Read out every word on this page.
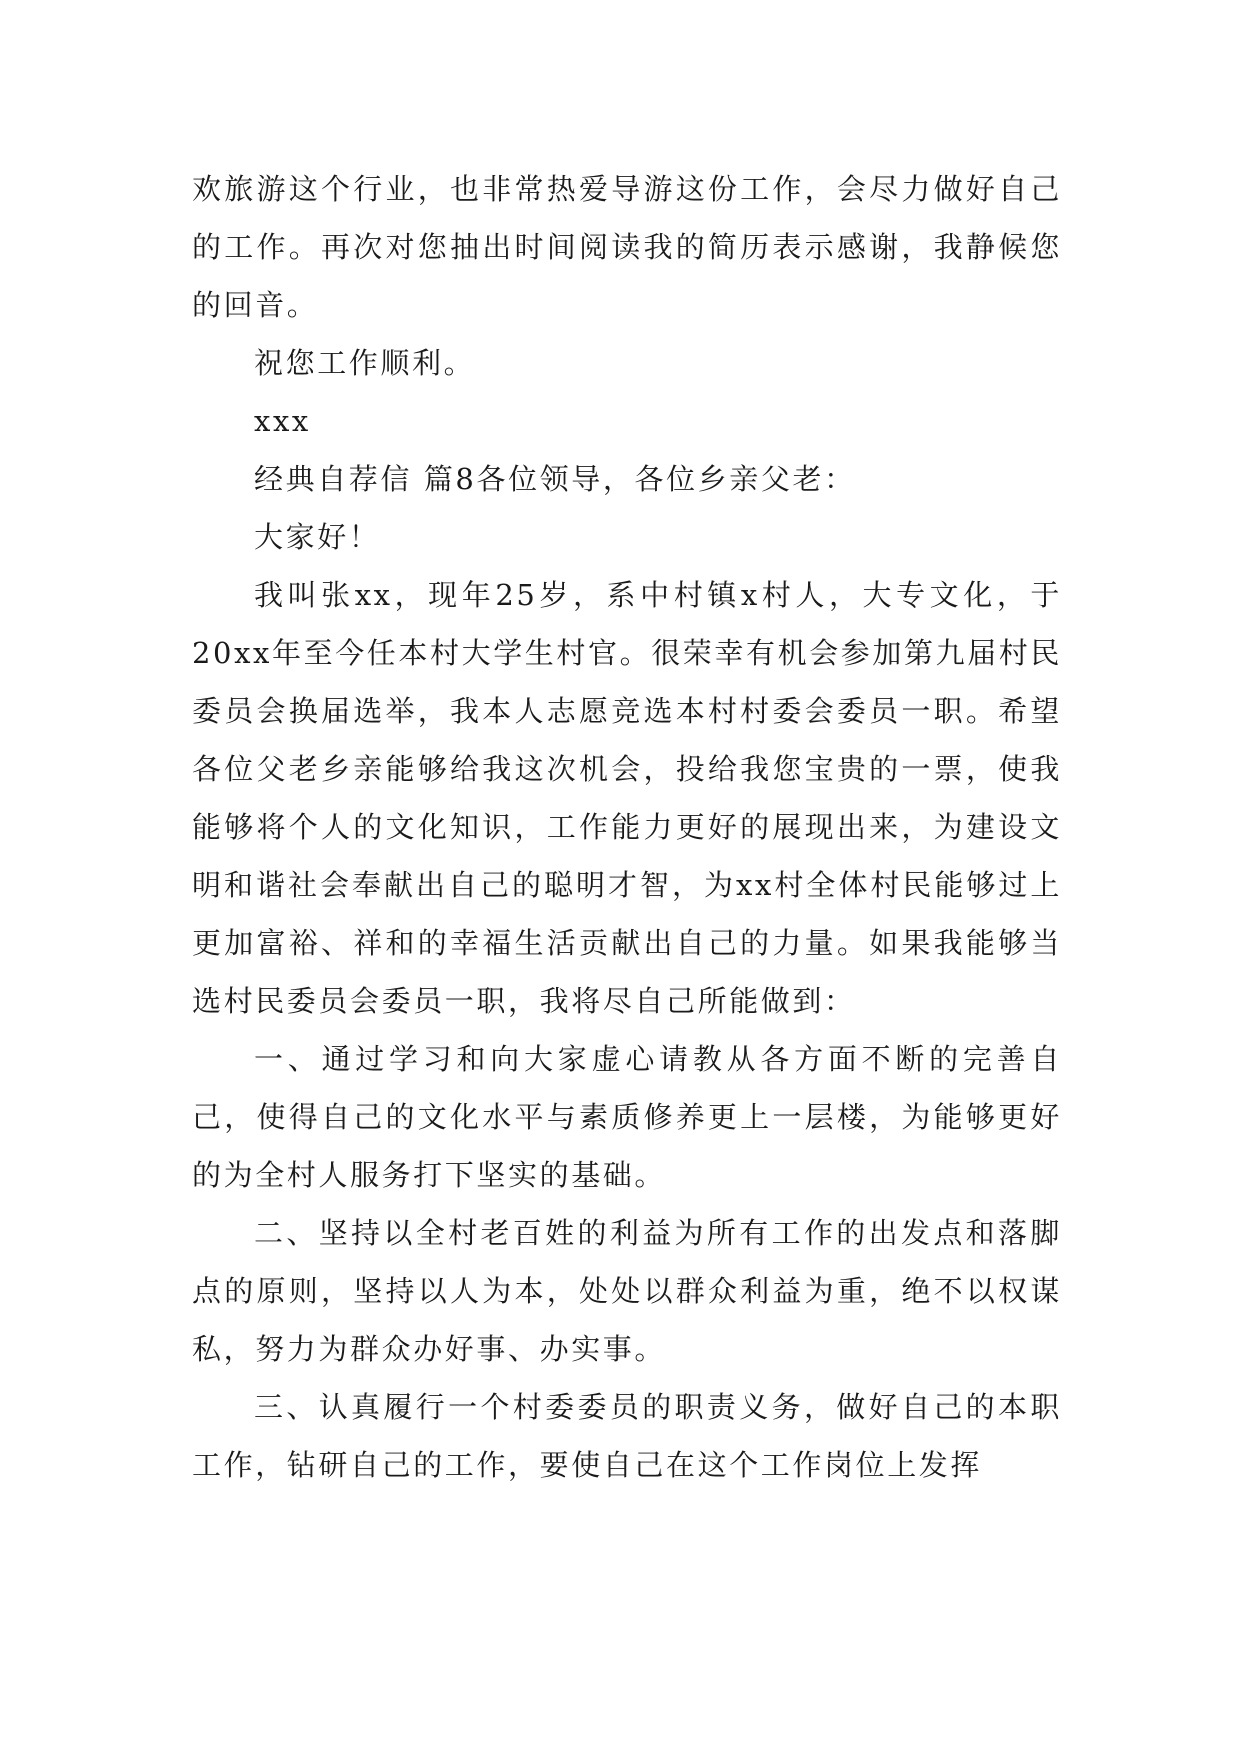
欢旅游这个行业，也非常热爱导游这份工作，会尽力做好自己的工作。再次对您抽出时间阅读我的简历表示感谢，我静候您的回音。

祝您工作顺利。

xxx

经典自荐信 篇8各位领导，各位乡亲父老：

大家好！

我叫张xx，现年25岁，系中村镇x村人，大专文化，于20xx年至今任本村大学生村官。很荣幸有机会参加第九届村民委员会换届选举，我本人志愿竞选本村村委会委员一职。希望各位父老乡亲能够给我这次机会，投给我您宝贵的一票，使我能够将个人的文化知识，工作能力更好的展现出来，为建设文明和谐社会奉献出自己的聪明才智，为xx村全体村民能够过上更加富裕、祥和的幸福生活贡献出自己的力量。如果我能够当选村民委员会委员一职，我将尽自己所能做到：

一、通过学习和向大家虚心请教从各方面不断的完善自己，使得自己的文化水平与素质修养更上一层楼，为能够更好的为全村人服务打下坚实的基础。

二、坚持以全村老百姓的利益为所有工作的出发点和落脚点的原则，坚持以人为本，处处以群众利益为重，绝不以权谋私，努力为群众办好事、办实事。

三、认真履行一个村委委员的职责义务，做好自己的本职工作，钻研自己的工作，要使自己在这个工作岗位上发挥
